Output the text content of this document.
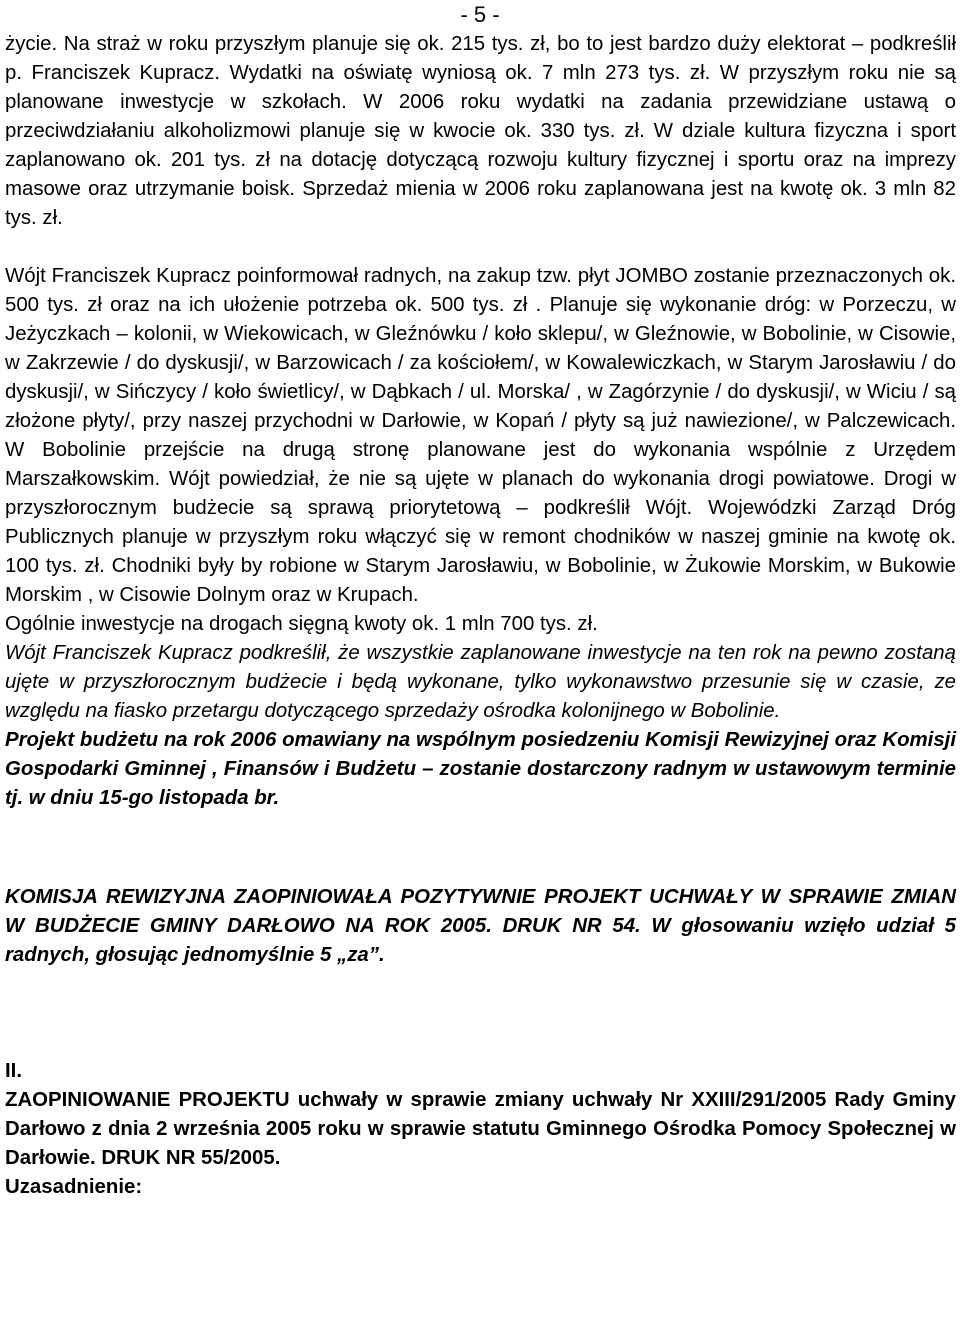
- 5 -

życie. Na straż w roku przyszłym planuje się ok. 215 tys. zł, bo to jest bardzo duży elektorat – podkreślił p. Franciszek Kupracz. Wydatki na oświatę wyniosą ok. 7 mln 273 tys. zł. W przyszłym roku nie są planowane inwestycje w szkołach. W 2006 roku wydatki na zadania przewidziane ustawą o przeciwdziałaniu alkoholizmowi planuje się w kwocie ok. 330 tys. zł. W dziale kultura fizyczna i sport zaplanowano ok. 201 tys. zł na dotację dotyczącą rozwoju kultury fizycznej i sportu oraz na imprezy masowe oraz utrzymanie boisk. Sprzedaż mienia w 2006 roku zaplanowana jest na kwotę ok. 3 mln 82 tys. zł.

Wójt Franciszek Kupracz poinformował radnych, na zakup tzw. płyt JOMBO zostanie przeznaczonych ok. 500 tys. zł oraz na ich ułożenie potrzeba ok. 500 tys. zł . Planuje się wykonanie dróg: w Porzeczu, w Jeżyczkach – kolonii, w Wiekowicach, w Gleźnówku / koło sklepu/, w Gleźnowie, w Bobolinie, w Cisowie, w Zakrzewie / do dyskusji/, w Barzowicach / za kościołem/, w Kowalewiczkach, w Starym Jarosławiu / do dyskusji/, w Sińczycy / koło świetlicy/, w Dąbkach / ul. Morska/ , w Zagórzynie / do dyskusji/, w Wiciu / są złożone płyty/, przy naszej przychodni w Darłowie, w Kopań / płyty są już nawiezione/, w Palczewicach. W Bobolinie przejście na drugą stronę planowane jest do wykonania wspólnie z Urzędem Marszałkowskim. Wójt powiedział, że nie są ujęte w planach do wykonania drogi powiatowe. Drogi w przyszłorocznym budżecie są sprawą priorytetową – podkreślił Wójt. Wojewódzki Zarząd Dróg Publicznych planuje w przyszłym roku włączyć się w remont chodników w naszej gminie na kwotę ok. 100 tys. zł. Chodniki były by robione w Starym Jarosławiu, w Bobolinie, w Żukowie Morskim, w Bukowie Morskim , w Cisowie Dolnym oraz w Krupach.

Ogólnie inwestycje na drogach sięgną kwoty ok. 1 mln 700 tys. zł.

Wójt Franciszek Kupracz podkreślił, że wszystkie zaplanowane inwestycje na ten rok na pewno zostaną ujęte w przyszłorocznym budżecie i będą wykonane, tylko wykonawstwo przesunie się w czasie, ze względu na fiasko przetargu dotyczącego sprzedaży ośrodka kolonijnego w Bobolinie.

Projekt budżetu na rok 2006 omawiany na wspólnym posiedzeniu Komisji Rewizyjnej oraz Komisji Gospodarki Gminnej , Finansów i Budżetu – zostanie dostarczony radnym w ustawowym terminie tj. w dniu 15-go listopada br.

KOMISJA REWIZYJNA ZAOPINIOWAŁA POZYTYWNIE PROJEKT UCHWAŁY W SPRAWIE ZMIAN W BUDŻECIE GMINY DARŁOWO NA ROK 2005. DRUK NR 54. W głosowaniu wzięło udział 5 radnych, głosując jednomyślnie 5 „za”.

II.

ZAOPINIOWANIE PROJEKTU uchwały w sprawie zmiany uchwały Nr XXIII/291/2005 Rady Gminy Darłowo z dnia 2 września 2005 roku w sprawie statutu Gminnego Ośrodka Pomocy Społecznej w Darłowie. DRUK NR 55/2005.

Uzasadnienie:
